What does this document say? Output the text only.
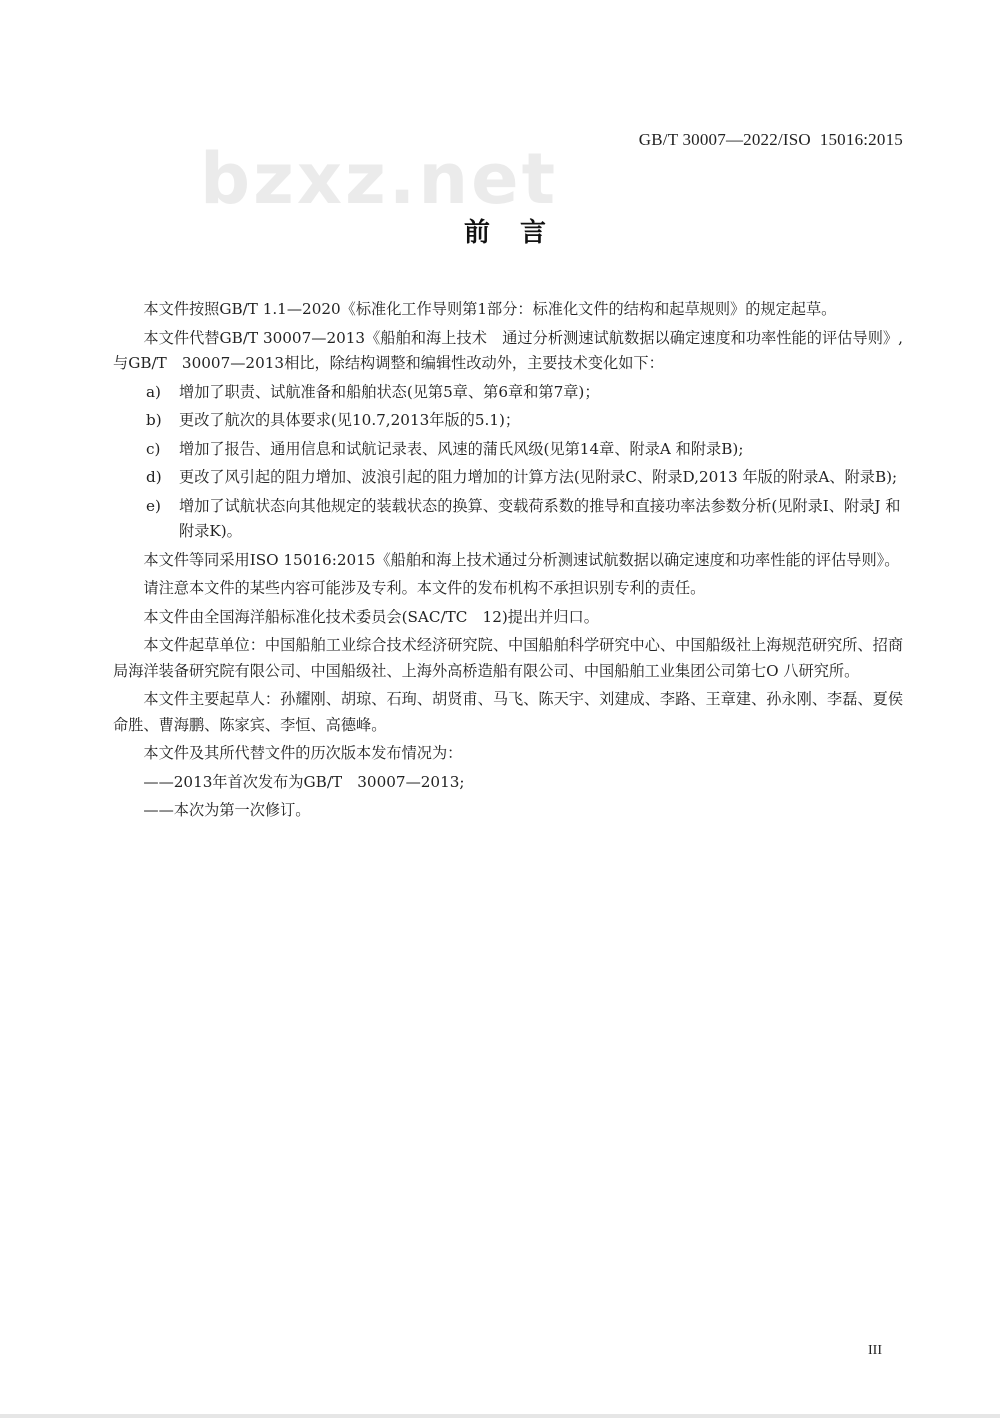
bzxz.net	GB/T 30007—2022/ISO  15016:2015
前　言

本文件按照GB/T 1.1—2020《标准化工作导则第1部分：标准化文件的结构和起草规则》的规定起草。

本文件代替GB/T 30007—2013《船舶和海上技术　通过分析测速试航数据以确定速度和功率性能的评估导则》,与GB/T　30007—2013相比，除结构调整和编辑性改动外，主要技术变化如下：

a)	增加了职责、试航准备和船舶状态(见第5章、第6章和第7章)；
b)	更改了航次的具体要求(见10.7,2013年版的5.1)；
c)	增加了报告、通用信息和试航记录表、风速的蒲氏风级(见第14章、附录A 和附录B);
d)	更改了风引起的阻力增加、波浪引起的阻力增加的计算方法(见附录C、附录D,2013 年版的附录A、附录B);
e)	增加了试航状态向其他规定的装载状态的换算、变载荷系数的推导和直接功率法参数分析(见附录I、附录J 和附录K)。

本文件等同采用ISO 15016:2015《船舶和海上技术通过分析测速试航数据以确定速度和功率性能的评估导则》。

请注意本文件的某些内容可能涉及专利。本文件的发布机构不承担识别专利的责任。

本文件由全国海洋船标准化技术委员会(SAC/TC　12)提出并归口。

本文件起草单位：中国船舶工业综合技术经济研究院、中国船舶科学研究中心、中国船级社上海规范研究所、招商局海洋装备研究院有限公司、中国船级社、上海外高桥造船有限公司、中国船舶工业集团公司第七O 八研究所。

本文件主要起草人：孙耀刚、胡琼、石珣、胡贤甫、马飞、陈天宇、刘建成、李路、王章建、孙永刚、李磊、夏侯命胜、曹海鹏、陈家宾、李恒、高德峰。

本文件及其所代替文件的历次版本发布情况为：

——2013年首次发布为GB/T　30007—2013;

——本次为第一次修订。

III
